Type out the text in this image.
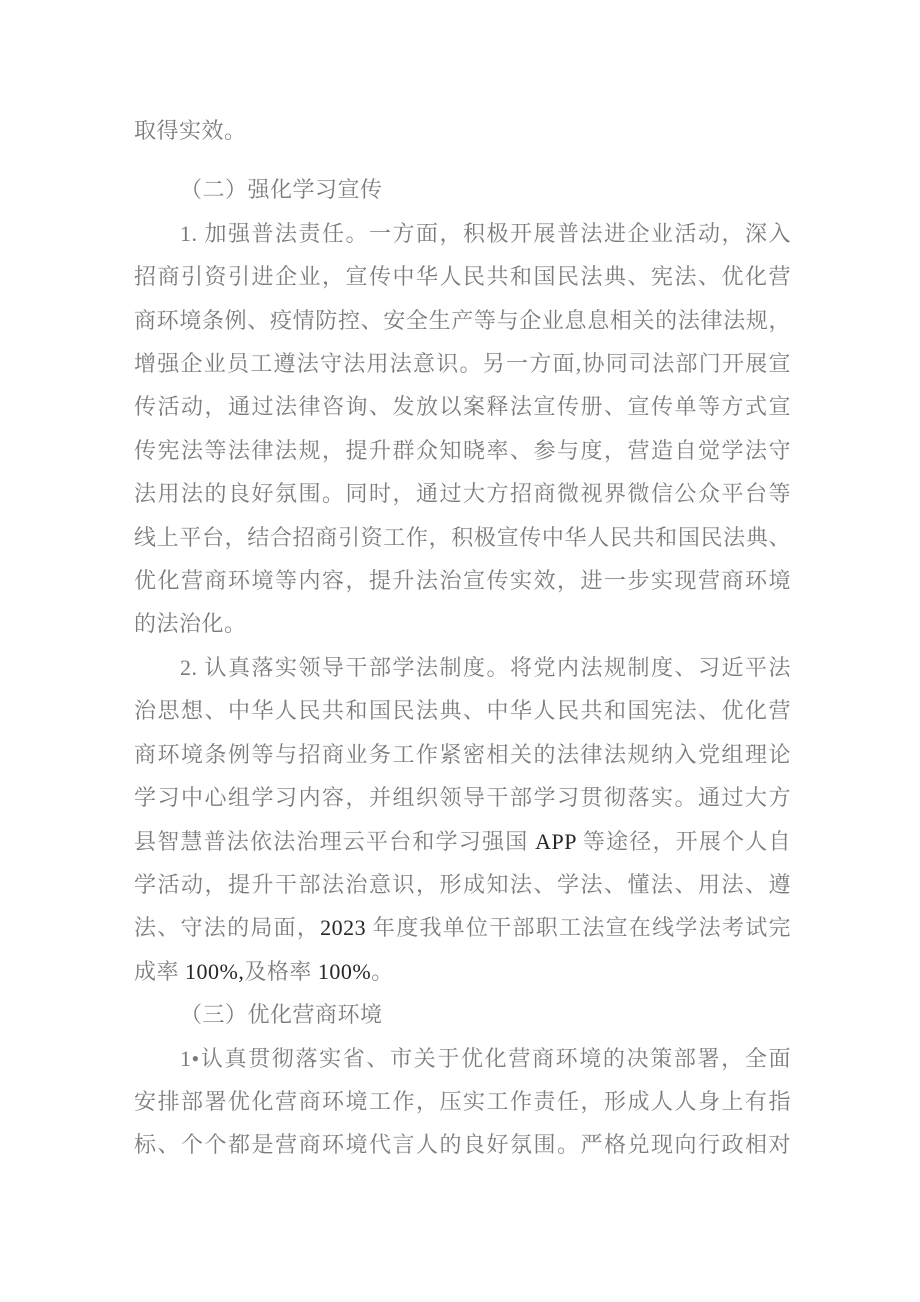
取得实效。
（二）强化学习宣传
1. 加强普法责任。一方面，积极开展普法进企业活动，深入
招商引资引进企业，宣传中华人民共和国民法典、宪法、优化营
商环境条例、疫情防控、安全生产等与企业息息相关的法律法规，
增强企业员工遵法守法用法意识。另一方面,协同司法部门开展宣
传活动，通过法律咨询、发放以案释法宣传册、宣传单等方式宣
传宪法等法律法规，提升群众知晓率、参与度，营造自觉学法守
法用法的良好氛围。同时，通过大方招商微视界微信公众平台等
线上平台，结合招商引资工作，积极宣传中华人民共和国民法典、
优化营商环境等内容，提升法治宣传实效，进一步实现营商环境
的法治化。
2. 认真落实领导干部学法制度。将党内法规制度、习近平法
治思想、中华人民共和国民法典、中华人民共和国宪法、优化营
商环境条例等与招商业务工作紧密相关的法律法规纳入党组理论
学习中心组学习内容，并组织领导干部学习贯彻落实。通过大方
县智慧普法依法治理云平台和学习强国 APP 等途径，开展个人自
学活动，提升干部法治意识，形成知法、学法、懂法、用法、遵
法、守法的局面，2023 年度我单位干部职工法宣在线学法考试完
成率 100%,及格率 100%。
（三）优化营商环境
1•认真贯彻落实省、市关于优化营商环境的决策部署，全面
安排部署优化营商环境工作，压实工作责任，形成人人身上有指
标、个个都是营商环境代言人的良好氛围。严格兑现向行政相对
